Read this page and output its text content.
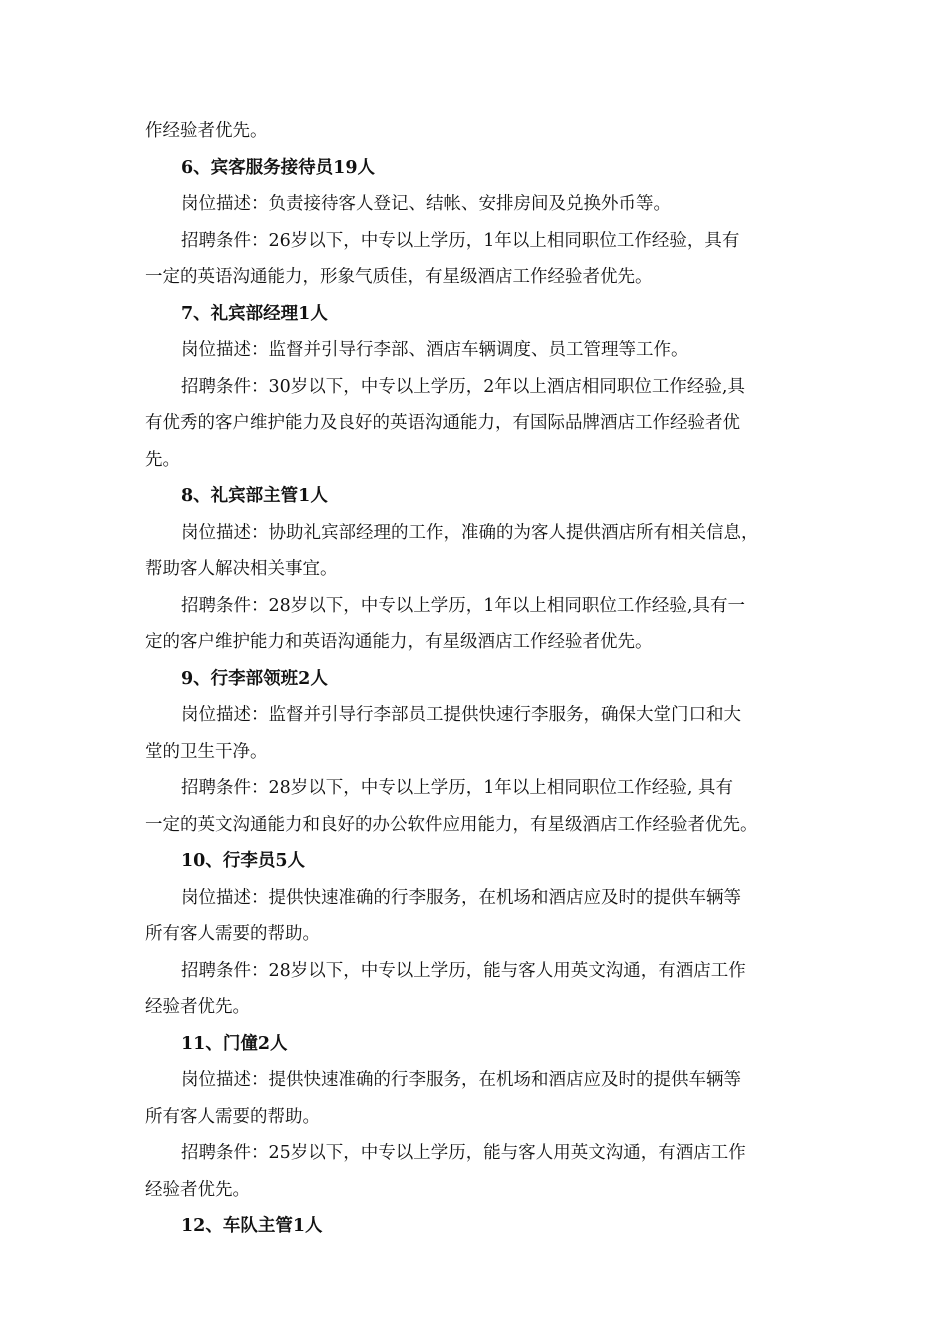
作经验者优先。
6、宾客服务接待员19人
岗位描述：负责接待客人登记、结帐、安排房间及兑换外币等。
招聘条件：26岁以下，中专以上学历，1年以上相同职位工作经验，具有
一定的英语沟通能力，形象气质佳，有星级酒店工作经验者优先。
7、礼宾部经理1人
岗位描述：监督并引导行李部、酒店车辆调度、员工管理等工作。
招聘条件：30岁以下，中专以上学历，2年以上酒店相同职位工作经验,具
有优秀的客户维护能力及良好的英语沟通能力，有国际品牌酒店工作经验者优
先。
8、礼宾部主管1人
岗位描述：协助礼宾部经理的工作，准确的为客人提供酒店所有相关信息，
帮助客人解决相关事宜。
招聘条件：28岁以下，中专以上学历，1年以上相同职位工作经验,具有一
定的客户维护能力和英语沟通能力，有星级酒店工作经验者优先。
9、行李部领班2人
岗位描述：监督并引导行李部员工提供快速行李服务，确保大堂门口和大
堂的卫生干净。
招聘条件：28岁以下，中专以上学历，1年以上相同职位工作经验, 具有
一定的英文沟通能力和良好的办公软件应用能力，有星级酒店工作经验者优先。
10、行李员5人
岗位描述：提供快速准确的行李服务，在机场和酒店应及时的提供车辆等
所有客人需要的帮助。
招聘条件：28岁以下，中专以上学历，能与客人用英文沟通，有酒店工作
经验者优先。
11、门僮2人
岗位描述：提供快速准确的行李服务，在机场和酒店应及时的提供车辆等
所有客人需要的帮助。
招聘条件：25岁以下，中专以上学历，能与客人用英文沟通，有酒店工作
经验者优先。
12、车队主管1人
